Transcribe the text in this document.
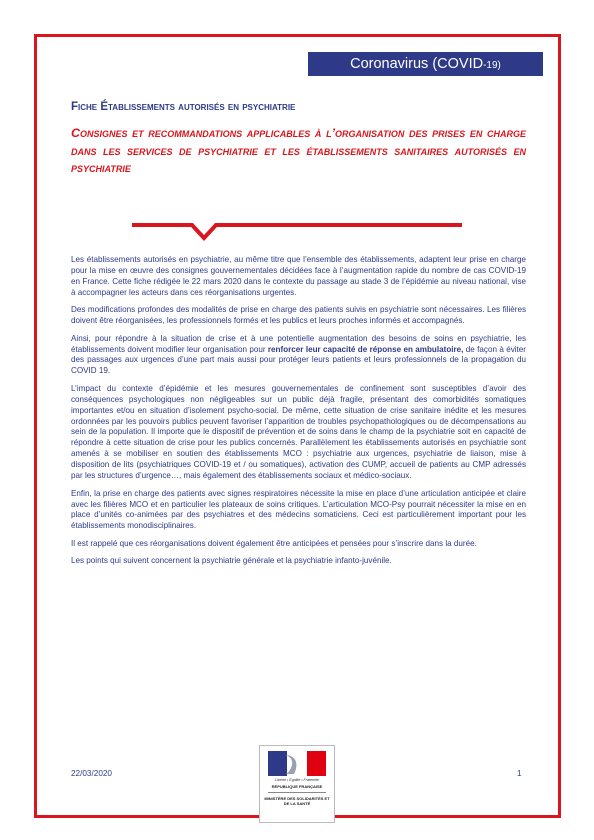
Coronavirus (COVID-19)
Fiche Établissements autorisés en psychiatrie
Consignes et recommandations applicables à l’organisation des prises en charge dans les services de psychiatrie et les établissements sanitaires autorisés en psychiatrie

Les établissements autorisés en psychiatrie, au même titre que l’ensemble des établissements, adaptent leur prise en charge pour la mise en œuvre des consignes gouvernementales décidées face à l’augmentation rapide du nombre de cas COVID-19 en France. Cette fiche rédigée le 22 mars 2020 dans le contexte du passage au stade 3 de l’épidémie au niveau national, vise à accompagner les acteurs dans ces réorganisations urgentes.

Des modifications profondes des modalités de prise en charge des patients suivis en psychiatrie sont nécessaires. Les filières doivent être réorganisées, les professionnels formés et les publics et leurs proches informés et accompagnés.

Ainsi, pour répondre à la situation de crise et à une potentielle augmentation des besoins de soins en psychiatrie, les établissements doivent modifier leur organisation pour renforcer leur capacité de réponse en ambulatoire, de façon à éviter des passages aux urgences d’une part mais aussi pour protéger leurs patients et leurs professionnels de la propagation du COVID 19.

L’impact du contexte d’épidémie et les mesures gouvernementales de confinement sont susceptibles d’avoir des conséquences psychologiques non négligeables sur un public déjà fragile, présentant des comorbidités somatiques importantes et/ou en situation d’isolement psycho-social. De même, cette situation de crise sanitaire inédite et les mesures ordonnées par les pouvoirs publics peuvent favoriser l’apparition de troubles psychopathologiques ou de décompensations au sein de la population. Il importe que le dispositif de prévention et de soins dans le champ de la psychiatrie soit en capacité de répondre à cette situation de crise pour les publics concernés. Parallèlement les établissements autorisés en psychiatrie sont amenés à se mobiliser en soutien des établissements MCO : psychiatrie aux urgences, psychiatrie de liaison, mise à disposition de lits (psychiatriques COVID-19 et / ou somatiques), activation des CUMP, accueil de patients au CMP adressés par les structures d’urgence…, mais également des établissements sociaux et médico-sociaux.

Enfin, la prise en charge des patients avec signes respiratoires nécessite la mise en place d’une articulation anticipée et claire avec les filières MCO et en particulier les plateaux de soins critiques. L’articulation MCO-Psy pourrait nécessiter la mise en en place d’unités co-animées par des psychiatres et des médecins somaticiens. Ceci est particulièrement important pour les établissements monodisciplinaires.

Il est rappelé que ces réorganisations doivent également être anticipées et pensées pour s’inscrire dans la durée.

Les points qui suivent concernent la psychiatrie générale et la psychiatrie infanto-juvénile.

22/03/2020	1
Liberté • Égalité • Fraternité
RÉPUBLIQUE FRANÇAISE
MINISTÈRE DES SOLIDARITÉS ET DE LA SANTÉ
